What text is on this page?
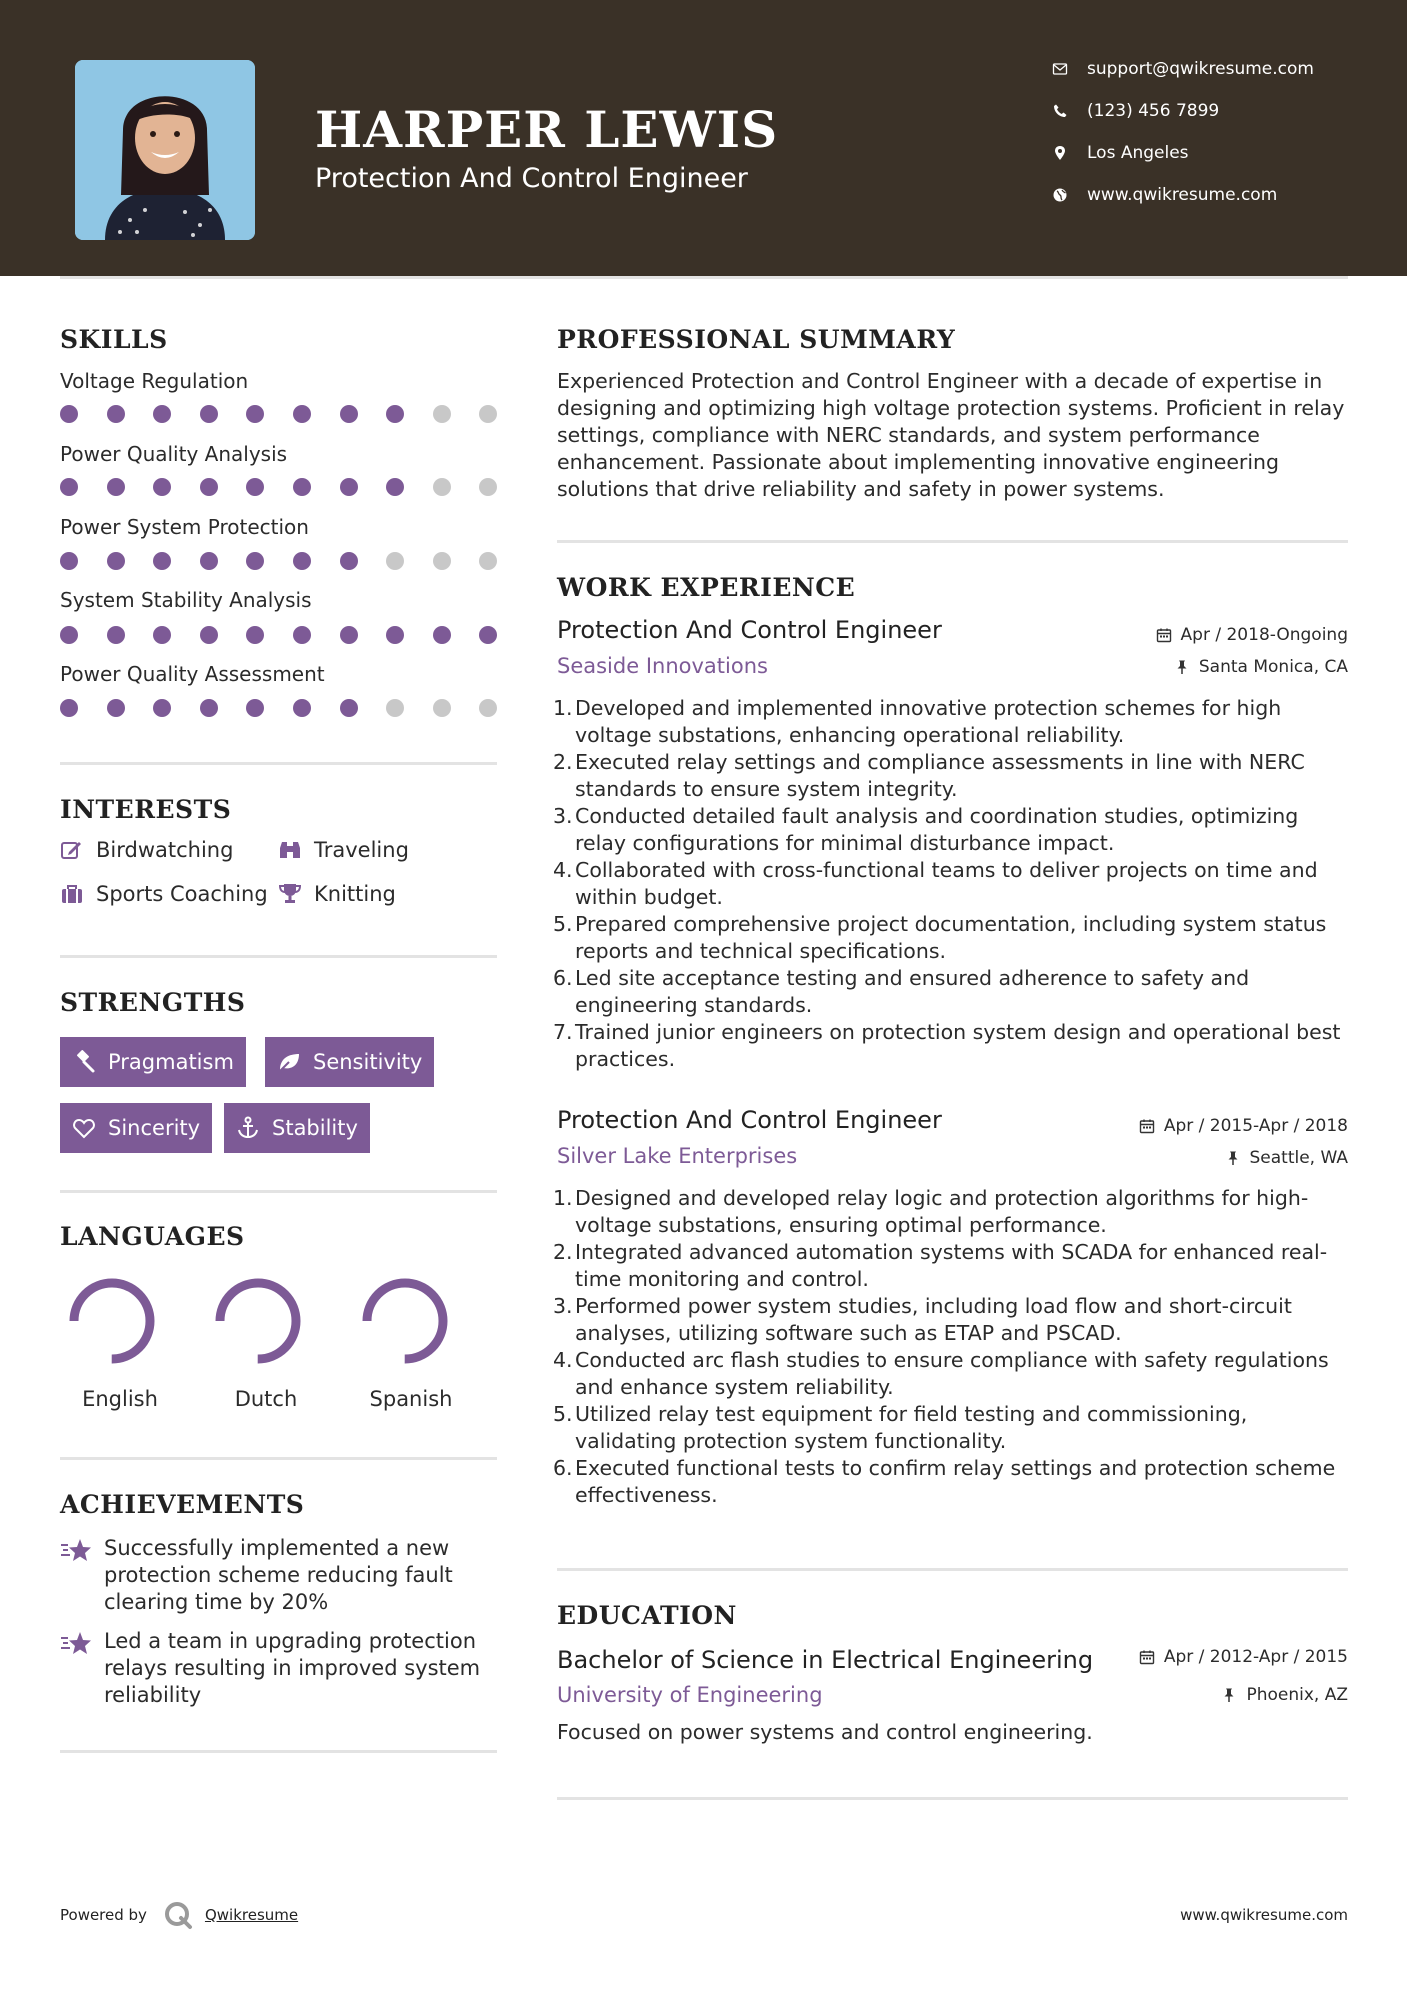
HARPER LEWIS
Protection And Control Engineer
support@qwikresume.com
(123) 456 7899
Los Angeles
www.qwikresume.com
SKILLS
Voltage Regulation
Power Quality Analysis
Power System Protection
System Stability Analysis
Power Quality Assessment
INTERESTS
Birdwatching	Traveling
Sports Coaching Knitting
STRENGTHS
Pragmatism	Sensitivity
Sincerity	Stability
LANGUAGES
English	Dutch	Spanish
ACHIEVEMENTS

Successfully implemented a new protection scheme reducing fault clearing time by 20%

Led a team in upgrading protection relays resulting in improved system reliability

PROFESSIONAL SUMMARY

Experienced Protection and Control Engineer with a decade of expertise in designing and optimizing high voltage protection systems. Proficient in relay settings, compliance with NERC standards, and system performance enhancement. Passionate about implementing innovative engineering solutions that drive reliability and safety in power systems.

WORK EXPERIENCE
Protection And Control Engineer	Apr / 2018-Ongoing
Seaside Innovations	Santa Monica, CA
1. Developed and implemented innovative protection schemes for high voltage substations, enhancing operational reliability.
2. Executed relay settings and compliance assessments in line with NERC standards to ensure system integrity.
3. Conducted detailed fault analysis and coordination studies, optimizing relay configurations for minimal disturbance impact.
4. Collaborated with cross-functional teams to deliver projects on time and within budget.
5. Prepared comprehensive project documentation, including system status reports and technical specifications.
6. Led site acceptance testing and ensured adherence to safety and engineering standards.
7. Trained junior engineers on protection system design and operational best practices.
Protection And Control Engineer	Apr / 2015-Apr / 2018
Silver Lake Enterprises	Seattle, WA
1. Designed and developed relay logic and protection algorithms for high-voltage substations, ensuring optimal performance.
2. Integrated advanced automation systems with SCADA for enhanced real-time monitoring and control.
3. Performed power system studies, including load flow and short-circuit analyses, utilizing software such as ETAP and PSCAD.
4. Conducted arc flash studies to ensure compliance with safety regulations and enhance system reliability.
5. Utilized relay test equipment for field testing and commissioning, validating protection system functionality.
6. Executed functional tests to confirm relay settings and protection scheme effectiveness.
EDUCATION
Bachelor of Science in Electrical Engineering	Apr / 2012-Apr / 2015
University of Engineering	Phoenix, AZ

Focused on power systems and control engineering.

Powered by	Qwikresume	www.qwikresume.com
